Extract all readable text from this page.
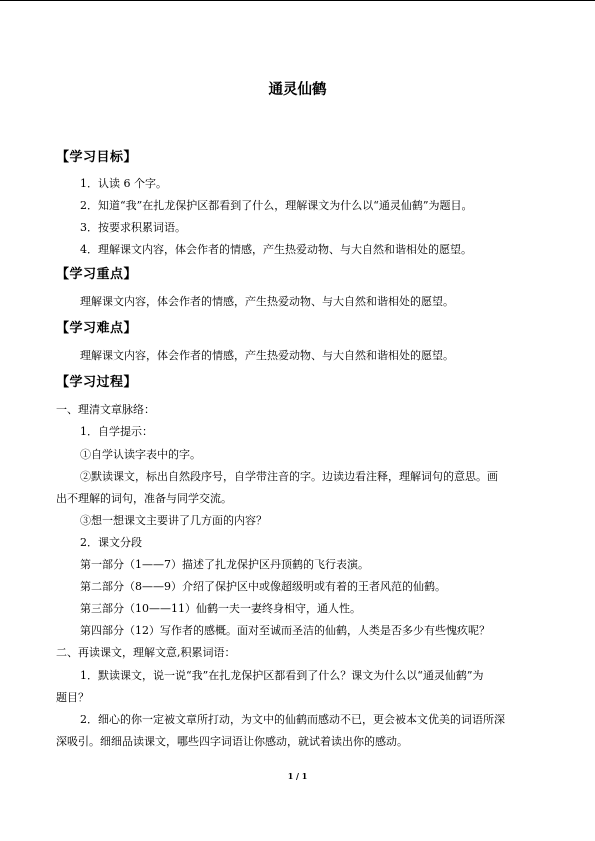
通灵仙鹤
【学习目标】
1．认读 6 个字。
2．知道“我”在扎龙保护区都看到了什么，理解课文为什么以“通灵仙鹤”为题目。
3．按要求积累词语。
4．理解课文内容，体会作者的情感，产生热爱动物、与大自然和谐相处的愿望。
【学习重点】
理解课文内容，体会作者的情感，产生热爱动物、与大自然和谐相处的愿望。
【学习难点】
理解课文内容，体会作者的情感，产生热爱动物、与大自然和谐相处的愿望。
【学习过程】
一、理清文章脉络：
1．自学提示：
①自学认读字表中的字。
②默读课文，标出自然段序号，自学带注音的字。边读边看注释，理解词句的意思。画
出不理解的词句，准备与同学交流。
③想一想课文主要讲了几方面的内容？
2．课文分段
第一部分（1——7）描述了扎龙保护区丹顶鹤的飞行表演。
第二部分（8——9）介绍了保护区中或像超级明或有着的王者风范的仙鹤。
第三部分（10——11）仙鹤一夫一妻终身相守，通人性。
第四部分（12）写作者的感概。面对至诚而圣洁的仙鹤，人类是否多少有些愧疚呢？
二、再读课文，理解文意,积累词语：
1．默读课文，说一说“我”在扎龙保护区都看到了什么？课文为什么以“通灵仙鹤”为
题目？
2．细心的你一定被文章所打动，为文中的仙鹤而感动不已，更会被本文优美的词语所深
深吸引。细细品读课文，哪些四字词语让你感动，就试着读出你的感动。
1 / 1
